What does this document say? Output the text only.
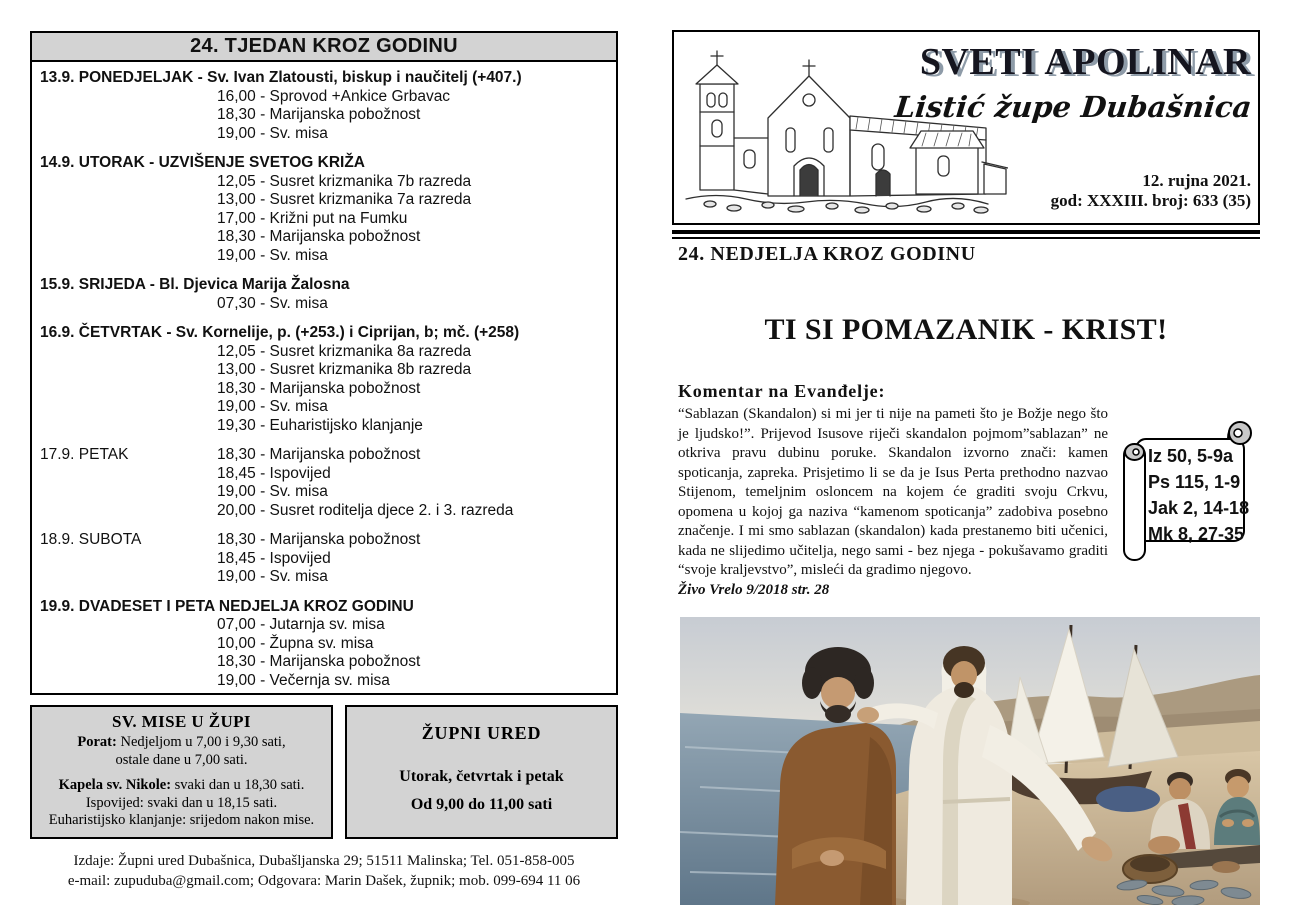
24. TJEDAN KROZ GODINU
13.9. PONEDJELJAK - Sv. Ivan Zlatousti, biskup i naučitelj (+407.)
16,00 - Sprovod +Ankice Grbavac
18,30 - Marijanska pobožnost
19,00 - Sv. misa
14.9. UTORAK - UZVIŠENJE SVETOG KRIŽA
12,05 - Susret krizmanika 7b razreda
13,00 - Susret krizmanika 7a razreda
17,00 - Križni put na Fumku
18,30 - Marijanska pobožnost
19,00 - Sv. misa
15.9. SRIJEDA - Bl. Djevica Marija Žalosna
07,30 - Sv. misa
16.9. ČETVRTAK - Sv. Kornelije, p. (+253.) i Ciprijan, b; mč. (+258)
12,05 - Susret krizmanika 8a razreda
13,00 - Susret krizmanika 8b razreda
18,30 - Marijanska pobožnost
19,00 - Sv. misa
19,30 - Euharistijsko klanjanje
17.9. PETAK	18,30 - Marijanska pobožnost
18,45 - Ispovijed
19,00 - Sv. misa
20,00 - Susret roditelja djece 2. i 3. razreda
18.9. SUBOTA	18,30 - Marijanska pobožnost
18,45 - Ispovijed
19,00 - Sv. misa
19.9. DVADESET I PETA NEDJELJA KROZ GODINU
07,00 - Jutarnja sv. misa
10,00 - Župna sv. misa
18,30 - Marijanska pobožnost
19,00 - Večernja sv. misa
SV. MISE U ŽUPI
Porat: Nedjeljom u 7,00 i 9,30 sati,
ostale dane u 7,00 sati.
Kapela sv. Nikole: svaki dan u 18,30 sati.
Ispovijed: svaki dan u 18,15 sati.
Euharistijsko klanjanje: srijedom nakon mise.
ŽUPNI URED
Utorak, četvrtak i petak
Od 9,00 do 11,00 sati
Izdaje: Župni ured Dubašnica, Dubašljanska 29; 51511 Malinska; Tel. 051-858-005
e-mail: zupuduba@gmail.com; Odgovara: Marin Dašek, župnik; mob. 099-694 11 06
SVETI APOLINAR
Listić župe Dubašnica
12. rujna 2021.
god: XXXIII. broj: 633 (35)
24. NEDJELJA KROZ GODINU
TI SI POMAZANIK - KRIST!
Komentar na Evanđelje:
“Sablazan (Skandalon) si mi jer ti nije na pameti što je Božje nego što je ljudsko!”. Prijevod Isusove riječi skandalon pojmom”sablazan” ne otkriva pravu dubinu poruke. Skandalon izvorno znači: kamen spoticanja, zapreka. Prisjetimo li se da je Isus Perta prethodno nazvao Stijenom, temeljnim osloncem na kojem će graditi svoju Crkvu, opomena u kojoj ga naziva “kamenom spoticanja” zadobiva posebno značenje. I mi smo sablazan (skandalon) kada prestanemo biti učenici, kada ne slijedimo učitelja, nego sami - bez njega - pokušavamo graditi “svoje kraljevstvo”, misleći da gradimo njegovo.
Živo Vrelo 9/2018 str. 28
Iz 50, 5-9a
Ps 115, 1-9
Jak 2, 14-18
Mk 8, 27-35
